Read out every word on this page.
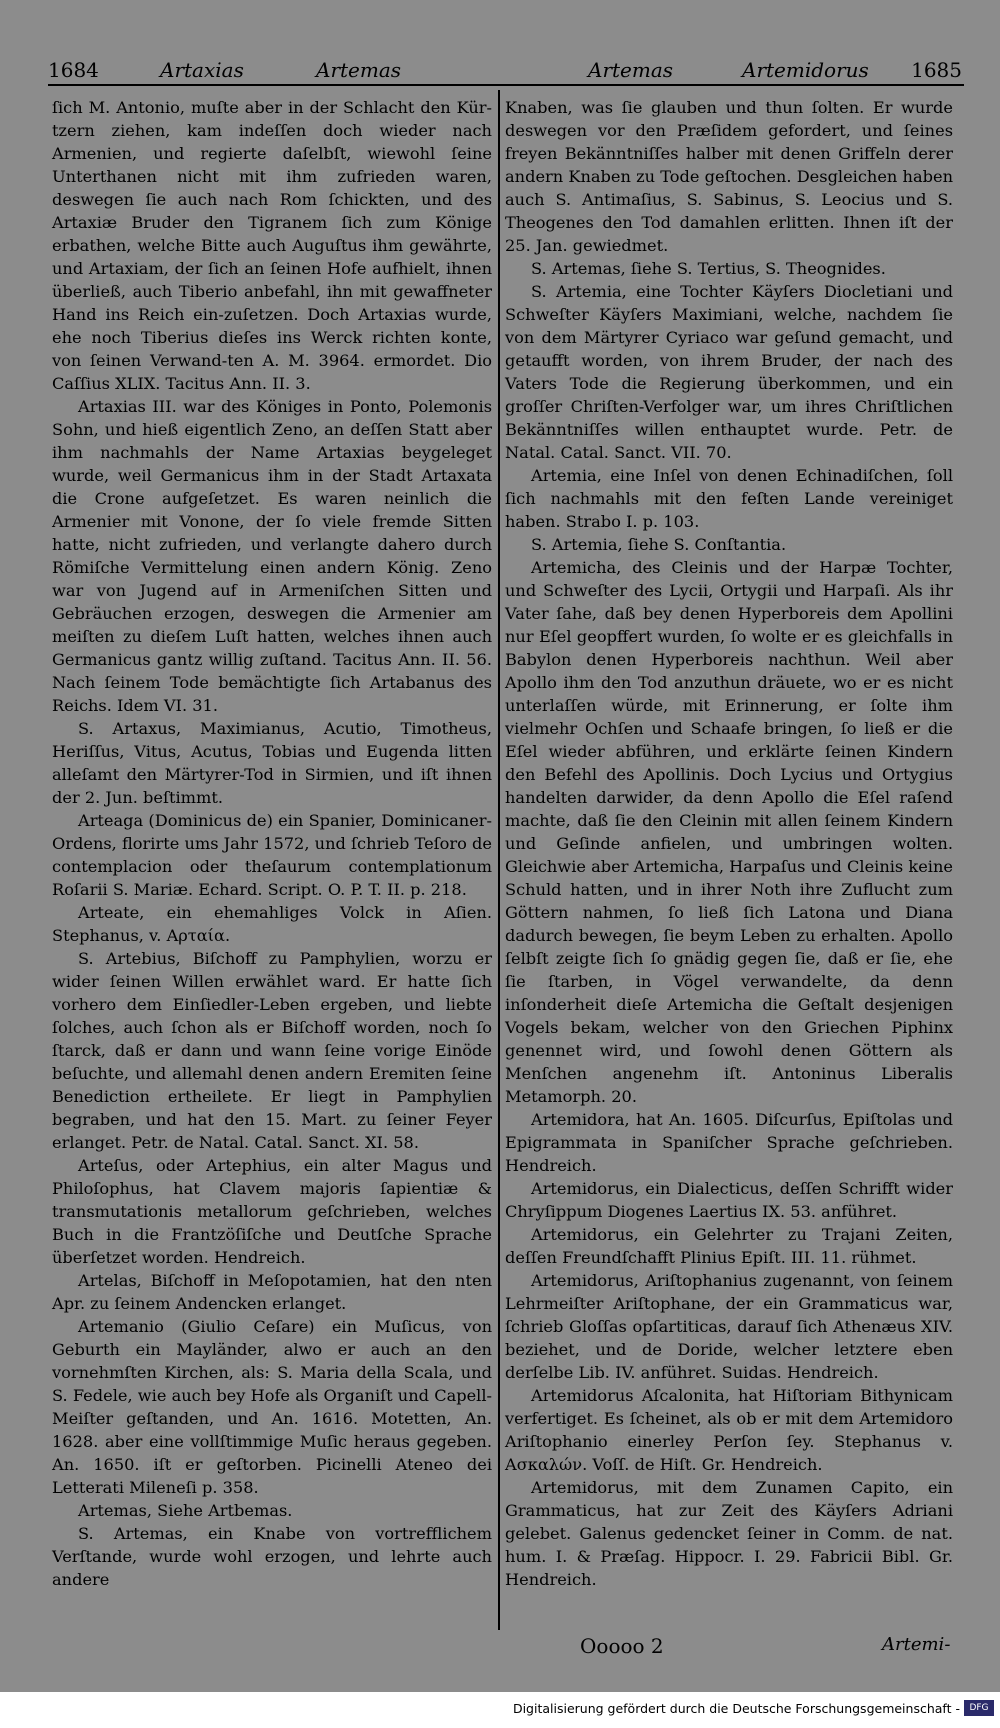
1684	Artaxias	Artemas	Artemas	Artemidorus 1685

ſich M. Antonio, muſte aber in der Schlacht den Kür-tzern ziehen, kam indeſſen doch wieder nach Armenien, und regierte daſelbſt, wiewohl ſeine Unterthanen nicht mit ihm zufrieden waren, deswegen ſie auch nach Rom ſchickten, und des Artaxiæ Bruder den Tigranem ſich zum Könige erbathen, welche Bitte auch Auguſtus ihm gewährte, und Artaxiam, der ſich an ſeinen Hofe aufhielt, ihnen überließ, auch Tiberio anbefahl, ihn mit gewaffneter Hand ins Reich ein-zuſetzen. Doch Artaxias wurde, ehe noch Tiberius dieſes ins Werck richten konte, von ſeinen Verwand-ten A. M. 3964. ermordet. Dio Caſſius XLIX. Tacitus Ann. II. 3.

Artaxias III. war des Königes in Ponto, Polemonis Sohn, und hieß eigentlich Zeno, an deſſen Statt aber ihm nachmahls der Name Artaxias beygeleget wurde, weil Germanicus ihm in der Stadt Artaxata die Crone aufgeſetzet. Es waren neinlich die Armenier mit Vonone, der ſo viele fremde Sitten hatte, nicht zufrieden, und verlangte dahero durch Römiſche Vermittelung einen andern König. Zeno war von Jugend auf in Armeniſchen Sitten und Gebräuchen erzogen, deswegen die Armenier am meiſten zu dieſem Luſt hatten, welches ihnen auch Germanicus gantz willig zuſtand. Tacitus Ann. II. 56. Nach ſeinem Tode bemächtigte ſich Artabanus des Reichs. Idem VI. 31.

S. Artaxus, Maximianus, Acutio, Timotheus, Heriſſus, Vitus, Acutus, Tobias und Eugenda litten alleſamt den Märtyrer-Tod in Sirmien, und iſt ihnen der 2. Jun. beſtimmt.

Arteaga (Dominicus de) ein Spanier, Dominicaner-Ordens, florirte ums Jahr 1572, und ſchrieb Teſoro de contemplacion oder theſaurum contemplationum Roſarii S. Mariæ. Echard. Script. O. P. T. II. p. 218.

Arteate, ein ehemahliges Volck in Aſien. Stephanus, v. Αρταία.

S. Artebius, Biſchoff zu Pamphylien, worzu er wider ſeinen Willen erwählet ward. Er hatte ſich vorhero dem Einſiedler-Leben ergeben, und liebte ſolches, auch ſchon als er Biſchoff worden, noch ſo ſtarck, daß er dann und wann ſeine vorige Einöde beſuchte, und allemahl denen andern Eremiten ſeine Benediction ertheilete. Er liegt in Pamphylien begraben, und hat den 15. Mart. zu ſeiner Feyer erlanget. Petr. de Natal. Catal. Sanct. XI. 58.

Arteſus, oder Artephius, ein alter Magus und Philoſophus, hat Clavem majoris ſapientiæ & transmutationis metallorum geſchrieben, welches Buch in die Frantzöſiſche und Deutſche Sprache überſetzet worden. Hendreich.

Artelas, Biſchoff in Meſopotamien, hat den nten Apr. zu ſeinem Andencken erlanget.

Artemanio (Giulio Ceſare) ein Muſicus, von Geburth ein Mayländer, alwo er auch an den vornehmſten Kirchen, als: S. Maria della Scala, und S. Fedele, wie auch bey Hofe als Organiſt und Capell-Meiſter geſtanden, und An. 1616. Motetten, An. 1628. aber eine vollſtimmige Muſic heraus gegeben. An. 1650. iſt er geſtorben. Picinelli Ateneo dei Letterati Mileneſi p. 358.

Artemas, Siehe Artbemas.

S. Artemas, ein Knabe von vortrefflichem Verſtande, wurde wohl erzogen, und lehrte auch andere

Knaben, was ſie glauben und thun ſolten. Er wurde deswegen vor den Præſidem gefordert, und ſeines freyen Bekänntniſſes halber mit denen Griffeln derer andern Knaben zu Tode geſtochen. Desgleichen haben auch S. Antimaſius, S. Sabinus, S. Leocius und S. Theogenes den Tod damahlen erlitten. Ihnen iſt der 25. Jan. gewiedmet.

S. Artemas, ſiehe S. Tertius, S. Theognides.

S. Artemia, eine Tochter Käyſers Diocletiani und Schweſter Käyſers Maximiani, welche, nachdem ſie von dem Märtyrer Cyriaco war geſund gemacht, und getaufft worden, von ihrem Bruder, der nach des Vaters Tode die Regierung überkommen, und ein groſſer Chriſten-Verfolger war, um ihres Chriſtlichen Bekänntniſſes willen enthauptet wurde. Petr. de Natal. Catal. Sanct. VII. 70.

Artemia, eine Inſel von denen Echinadiſchen, ſoll ſich nachmahls mit den feſten Lande vereiniget haben. Strabo I. p. 103.

S. Artemia, ſiehe S. Conſtantia.

Artemicha, des Cleinis und der Harpæ Tochter, und Schweſter des Lycii, Ortygii und Harpaſi. Als ihr Vater ſahe, daß bey denen Hyperboreis dem Apollini nur Eſel geopffert wurden, ſo wolte er es gleichfalls in Babylon denen Hyperboreis nachthun. Weil aber Apollo ihm den Tod anzuthun dräuete, wo er es nicht unterlaſſen würde, mit Erinnerung, er ſolte ihm vielmehr Ochſen und Schaafe bringen, ſo ließ er die Eſel wieder abführen, und erklärte ſeinen Kindern den Befehl des Apollinis. Doch Lycius und Ortygius handelten darwider, da denn Apollo die Eſel raſend machte, daß ſie den Cleinin mit allen ſeinem Kindern und Geſinde anfielen, und umbringen wolten. Gleichwie aber Artemicha, Harpaſus und Cleinis keine Schuld hatten, und in ihrer Noth ihre Zuflucht zum Göttern nahmen, ſo ließ ſich Latona und Diana dadurch bewegen, ſie beym Leben zu erhalten. Apollo ſelbſt zeigte ſich ſo gnädig gegen ſie, daß er ſie, ehe ſie ſtarben, in Vögel verwandelte, da denn inſonderheit dieſe Artemicha die Geſtalt desjenigen Vogels bekam, welcher von den Griechen Piphinx genennet wird, und ſowohl denen Göttern als Menſchen angenehm iſt. Antoninus Liberalis Metamorph. 20.

Artemidora, hat An. 1605. Diſcurſus, Epiſtolas und Epigrammata in Spaniſcher Sprache geſchrieben. Hendreich.

Artemidorus, ein Dialecticus, deſſen Schrifft wider Chryſippum Diogenes Laertius IX. 53. anführet.

Artemidorus, ein Gelehrter zu Trajani Zeiten, deſſen Freundſchafft Plinius Epiſt. III. 11. rühmet.

Artemidorus, Ariſtophanius zugenannt, von ſeinem Lehrmeiſter Ariſtophane, der ein Grammaticus war, ſchrieb Gloſſas opſartiticas, darauf ſich Athenæus XIV. beziehet, und de Doride, welcher letztere eben derſelbe Lib. IV. anführet. Suidas. Hendreich.

Artemidorus Aſcalonita, hat Hiſtoriam Bithynicam verfertiget. Es ſcheinet, als ob er mit dem Artemidoro Ariſtophanio einerley Perſon ſey. Stephanus v. Ασκαλών. Voſſ. de Hiſt. Gr. Hendreich.

Artemidorus, mit dem Zunamen Capito, ein Grammaticus, hat zur Zeit des Käyſers Adriani gelebet. Galenus gedencket ſeiner in Comm. de nat. hum. I. & Præſag. Hippocr. I. 29. Fabricii Bibl. Gr. Hendreich.

Ooooo 2	Artemi-
Digitalisierung gefördert durch die Deutsche Forschungsgemeinschaft -	DFG
